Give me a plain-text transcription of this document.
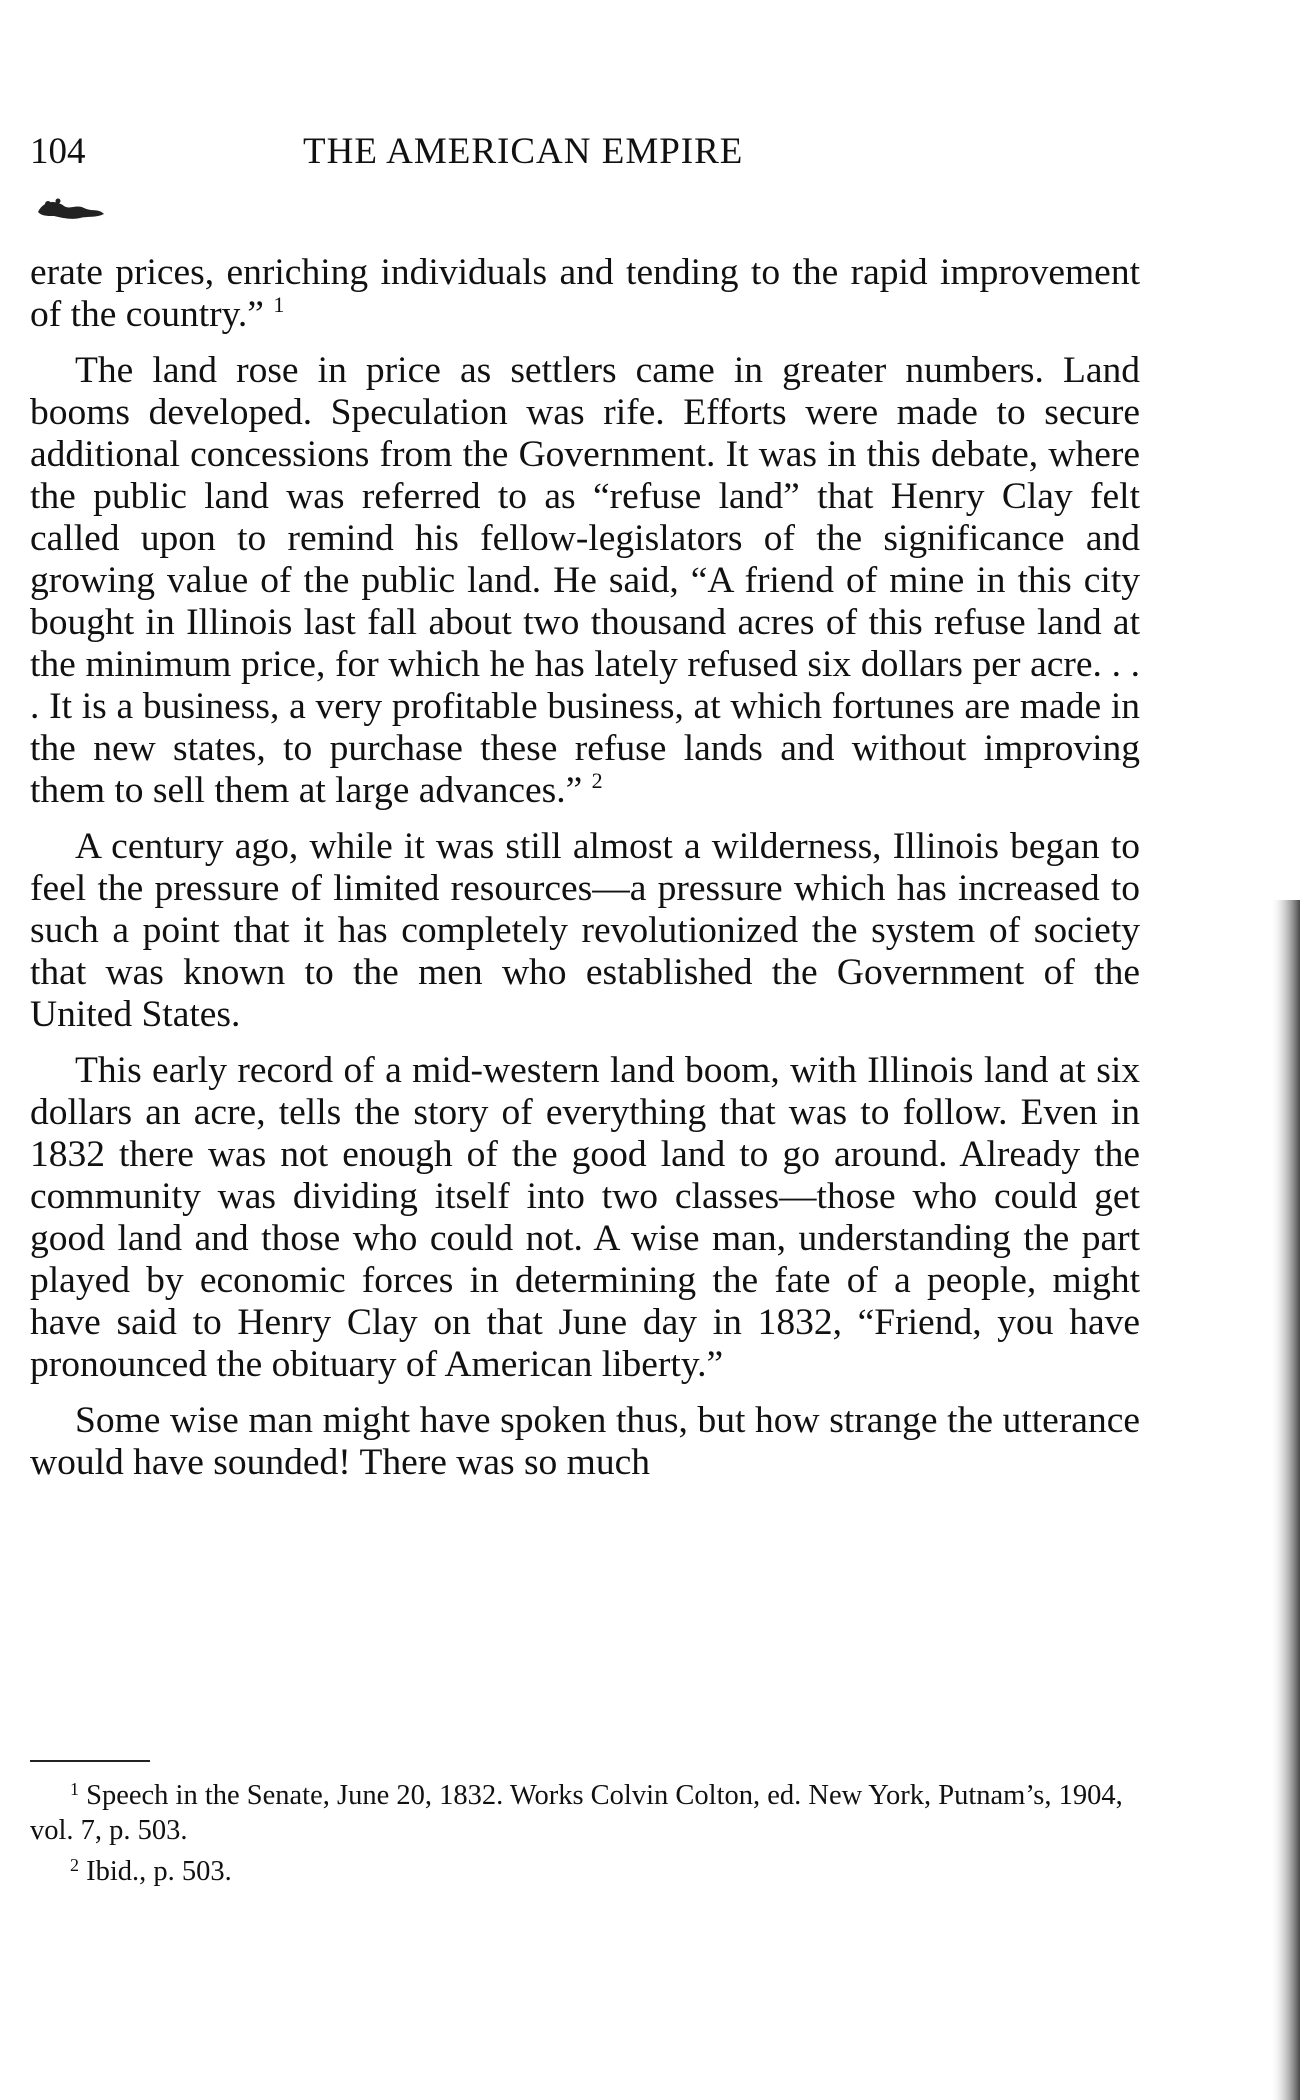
104	THE AMERICAN EMPIRE

erate prices, enriching individuals and tending to the rapid improvement of the country.” $^1$

The land rose in price as settlers came in greater numbers. Land booms developed. Speculation was rife. Efforts were made to secure additional concessions from the Government. It was in this debate, where the public land was referred to as “refuse land” that Henry Clay felt called upon to remind his fellow-legislators of the significance and growing value of the public land. He said, “A friend of mine in this city bought in Illinois last fall about two thousand acres of this refuse land at the minimum price, for which he has lately refused six dollars per acre. . . . It is a business, a very profitable business, at which fortunes are made in the new states, to purchase these refuse lands and without improving them to sell them at large advances.” $^2$

A century ago, while it was still almost a wilderness, Illinois began to feel the pressure of limited resources—a pressure which has increased to such a point that it has completely revolutionized the system of society that was known to the men who established the Government of the United States.

This early record of a mid-western land boom, with Illinois land at six dollars an acre, tells the story of everything that was to follow. Even in 1832 there was not enough of the good land to go around. Already the community was dividing itself into two classes—those who could get good land and those who could not. A wise man, understanding the part played by economic forces in determining the fate of a people, might have said to Henry Clay on that June day in 1832, “Friend, you have pronounced the obituary of American liberty.”

Some wise man might have spoken thus, but how strange the utterance would have sounded! There was so much

$^1$ Speech in the Senate, June 20, 1832. Works Colvin Colton, ed. New York, Putnam’s, 1904, vol. 7, p. 503.

$^2$ Ibid., p. 503.
